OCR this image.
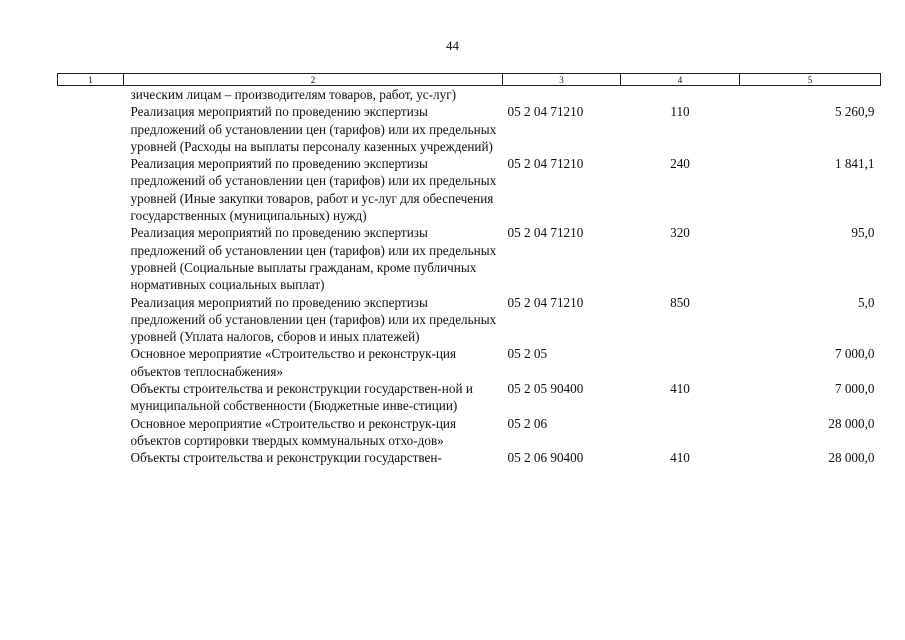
44
1	2	3	4	5
	зическим лицам – производителям товаров, работ, ус-луг)			
	Реализация мероприятий по проведению экспертизы предложений об установлении цен (тарифов) или их предельных уровней (Расходы на выплаты персоналу казенных учреждений)	05 2 04 71210	110	5 260,9
	Реализация мероприятий по проведению экспертизы предложений об установлении цен (тарифов) или их предельных уровней (Иные закупки товаров, работ и ус-луг для обеспечения государственных (муниципальных) нужд)	05 2 04 71210	240	1 841,1
	Реализация мероприятий по проведению экспертизы предложений об установлении цен (тарифов) или их предельных уровней (Социальные выплаты гражданам, кроме публичных нормативных социальных выплат)	05 2 04 71210	320	95,0
	Реализация мероприятий по проведению экспертизы предложений об установлении цен (тарифов) или их предельных уровней (Уплата налогов, сборов и иных платежей)	05 2 04 71210	850	5,0
	Основное мероприятие «Строительство и реконструк-ция объектов теплоснабжения»	05 2 05		7 000,0
	Объекты строительства и реконструкции государствен-ной и муниципальной собственности (Бюджетные инве-стиции)	05 2 05 90400	410	7 000,0
	Основное мероприятие «Строительство и реконструк-ция объектов сортировки твердых коммунальных отхо-дов»	05 2 06		28 000,0
	Объекты строительства и реконструкции государствен-	05 2 06 90400	410	28 000,0
